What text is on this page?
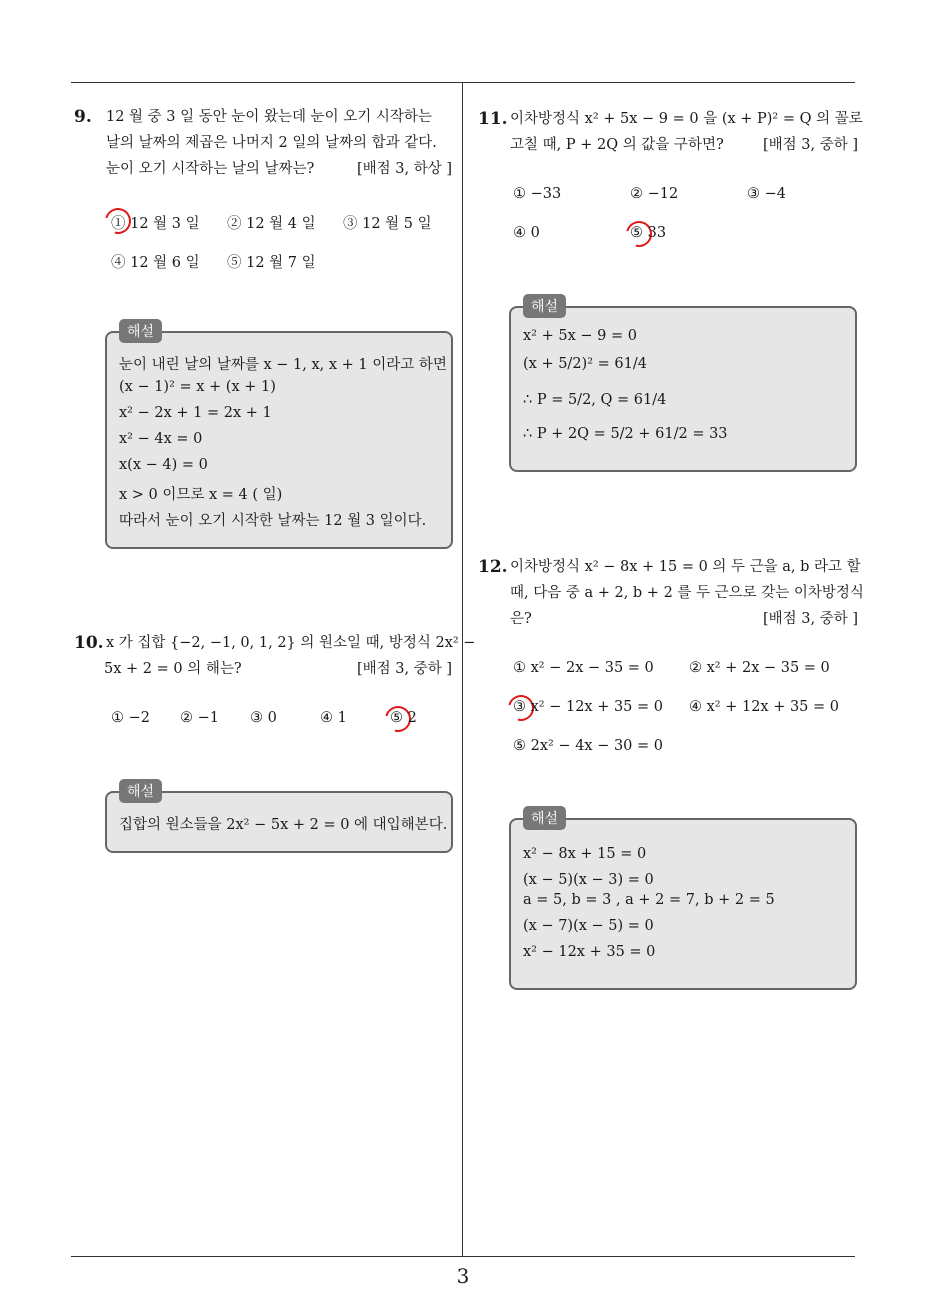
3
9. 12 월 중 3 일 동안 눈이 왔는데 눈이 오기 시작하는
날의 날짜의 제곱은 나머지 2 일의 날짜의 합과 같다.
눈이 오기 시작하는 날의 날짜는?	[배점 3, 하상 ]
① 12 월 3 일 ② 12 월 4 일 ③ 12 월 5 일
④ 12 월 6 일 ⑤ 12 월 7 일
눈이 내린 날의 날짜를 x − 1, x, x + 1 이라고 하면
(x − 1)² = x + (x + 1)
x² − 2x + 1 = 2x + 1
x² − 4x = 0
x(x − 4) = 0
x > 0 이므로 x = 4 ( 일)
따라서 눈이 오기 시작한 날짜는 12 월 3 일이다.
해설
10. x 가 집합 {−2, −1, 0, 1, 2} 의 원소일 때, 방정식 2x² −
5x + 2 = 0 의 해는?	[배점 3, 중하 ]
① −2 ② −1 ③ 0	④ 1	⑤ 2
집합의 원소들을 2x² − 5x + 2 = 0 에 대입해본다.
해설
11. 이차방정식 x² + 5x − 9 = 0 을 (x + P)² = Q 의 꼴로
고칠 때, P + 2Q 의 값을 구하면?	[배점 3, 중하 ]
① −33	② −12	③ −4
④ 0	⑤ 33
x² + 5x − 9 = 0
(x + 5/2)² = 61/4
∴ P = 5/2, Q = 61/4
∴ P + 2Q = 5/2 + 61/2 = 33
해설
12. 이차방정식 x² − 8x + 15 = 0 의 두 근을 a, b 라고 할
때, 다음 중 a + 2, b + 2 를 두 근으로 갖는 이차방정식
은?	[배점 3, 중하 ]
① x² − 2x − 35 = 0 ② x² + 2x − 35 = 0
③ x² − 12x + 35 = 0 ④ x² + 12x + 35 = 0
⑤ 2x² − 4x − 30 = 0
x² − 8x + 15 = 0
(x − 5)(x − 3) = 0
a = 5, b = 3 , a + 2 = 7, b + 2 = 5
(x − 7)(x − 5) = 0
x² − 12x + 35 = 0
해설
